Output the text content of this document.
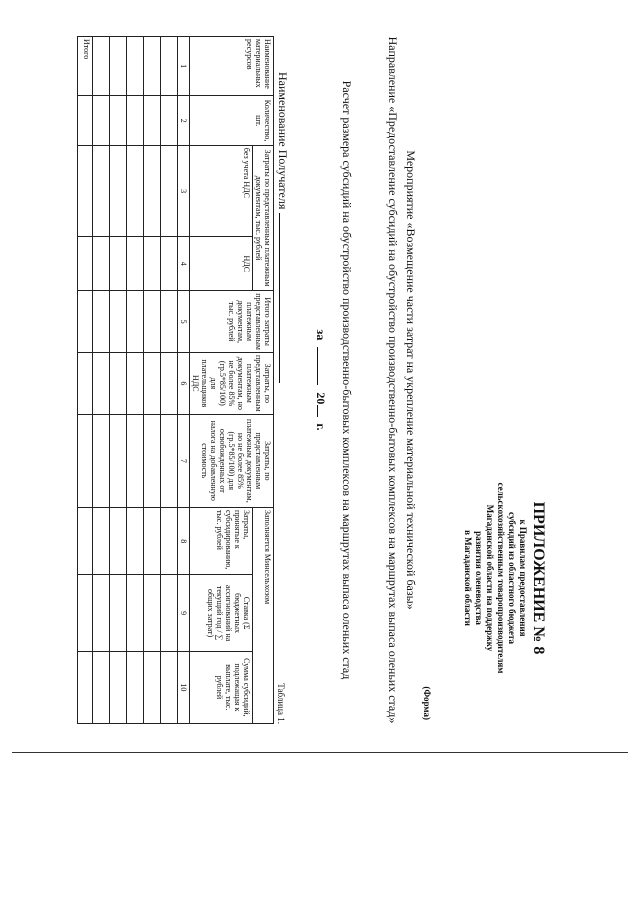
ПРИЛОЖЕНИЕ № 8
к Правилам предоставления
субсидий из областного бюджета
сельскохозяйственным товаропроизводителям
Магаданской области на поддержку
развития оленеводства
в Магаданской области
(Форма)
Мероприятие «Возмещение части затрат на укрепление материальной технической базы»
Направление «Предоставление субсидий на обустройство производственно-бытовых комплексов на маршрутах выпаса оленьих стад»
Расчет размера субсидий на обустройство производственно-бытовых комплексов на маршрутах выпаса оленьих стад
за  20 г.
Наименование Получателя
Таблица 1.
Наименование материальных ресурсов	Количество, шт.	Затраты по представленным платежным документам, тыс. рублей		Итого затраты представленным платежным документам, тыс. рублей	Затраты, по представленным платежным документам, но не более 85% (гр.5*85/100) для плательщиков НДС	Затраты, по представленным платежным документам, но не более 85% (гр.5*85/100) для освобожденных от налога на добавленную стоимость	Заполняется Минсельхозом		
		без учета НДС	НДС				Затраты, принятые к субсидированию, тыс. рублей	Ставка (Σ бюджетных ассигнований на текущий год / ∑ общих затрат)	Сумма субсидий, подлежащая к выплате, тыс. рублей

1	2	3	4	5	6	7	8	9	10

Итого									
